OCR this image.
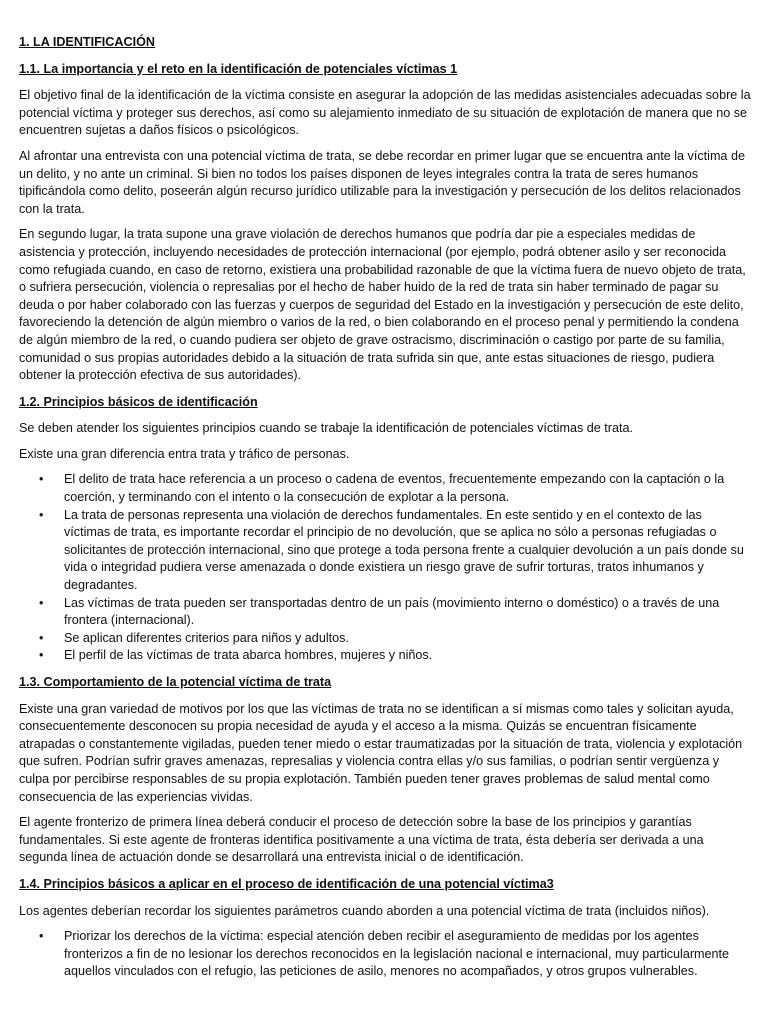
1. LA IDENTIFICACIÓN
1.1. La importancia y el reto en la identificación de potenciales víctimas 1

El objetivo final de la identificación de la víctima consiste en asegurar la adopción de las medidas asistenciales adecuadas sobre la potencial víctima y proteger sus derechos, así como su alejamiento inmediato de su situación de explotación de manera que no se encuentren sujetas a daños físicos o psicológicos.

Al afrontar una entrevista con una potencial víctima de trata, se debe recordar en primer lugar que se encuentra ante la víctima de un delito, y no ante un criminal. Si bien no todos los países disponen de leyes integrales contra la trata de seres humanos tipificándola como delito, poseerán algún recurso jurídico utilizable para la investigación y persecución de los delitos relacionados con la trata.

En segundo lugar, la trata supone una grave violación de derechos humanos que podría dar pie a especiales medidas de asistencia y protección, incluyendo necesidades de protección internacional (por ejemplo, podrá obtener asilo y ser reconocida como refugiada cuando, en caso de retorno, existiera una probabilidad razonable de que la víctima fuera de nuevo objeto de trata, o sufriera persecución, violencia o represalias por el hecho de haber huido de la red de trata sin haber terminado de pagar su deuda o por haber colaborado con las fuerzas y cuerpos de seguridad del Estado en la investigación y persecución de este delito, favoreciendo la detención de algún miembro o varios de la red, o bien colaborando en el proceso penal y permitiendo la condena de algún miembro de la red, o cuando pudiera ser objeto de grave ostracismo, discriminación o castigo por parte de su familia, comunidad o sus propias autoridades debido a la situación de trata sufrida sin que, ante estas situaciones de riesgo, pudiera obtener la protección efectiva de sus autoridades).

1.2. Principios básicos de identificación

Se deben atender los siguientes principios cuando se trabaje la identificación de potenciales víctimas de trata.

Existe una gran diferencia entra trata y tráfico de personas.

• El delito de trata hace referencia a un proceso o cadena de eventos, frecuentemente empezando con la captación o la coerción, y terminando con el intento o la consecución de explotar a la persona.
• La trata de personas representa una violación de derechos fundamentales. En este sentido y en el contexto de las víctimas de trata, es importante recordar el principio de no devolución, que se aplica no sólo a personas refugiadas o solicitantes de protección internacional, sino que protege a toda persona frente a cualquier devolución a un país donde su vida o integridad pudiera verse amenazada o donde existiera un riesgo grave de sufrir torturas, tratos inhumanos y degradantes.
• Las víctimas de trata pueden ser transportadas dentro de un país (movimiento interno o doméstico) o a través de una frontera (internacional).
• Se aplican diferentes criterios para niños y adultos.
• El perfil de las víctimas de trata abarca hombres, mujeres y niños.
1.3. Comportamiento de la potencial víctima de trata

Existe una gran variedad de motivos por los que las víctimas de trata no se identifican a sí mismas como tales y solicitan ayuda, consecuentemente desconocen su propia necesidad de ayuda y el acceso a la misma. Quizás se encuentran físicamente atrapadas o constantemente vigiladas, pueden tener miedo o estar traumatizadas por la situación de trata, violencia y explotación que sufren. Podrían sufrir graves amenazas, represalias y violencia contra ellas y/o sus familias, o podrían sentir vergüenza y culpa por percibirse responsables de su propia explotación. También pueden tener graves problemas de salud mental como consecuencia de las experiencias vividas.

El agente fronterizo de primera línea deberá conducir el proceso de detección sobre la base de los principios y garantías fundamentales. Si este agente de fronteras identifica positivamente a una víctima de trata, ésta debería ser derivada a una segunda línea de actuación donde se desarrollará una entrevista inicial o de identificación.

1.4. Principios básicos a aplicar en el proceso de identificación de una potencial víctima3

Los agentes deberían recordar los siguientes parámetros cuando aborden a una potencial víctima de trata (incluidos niños).

• Priorizar los derechos de la víctima: especial atención deben recibir el aseguramiento de medidas por los agentes fronterizos a fin de no lesionar los derechos reconocidos en la legislación nacional e internacional, muy particularmente aquellos vinculados con el refugio, las peticiones de asilo, menores no acompañados, y otros grupos vulnerables.
